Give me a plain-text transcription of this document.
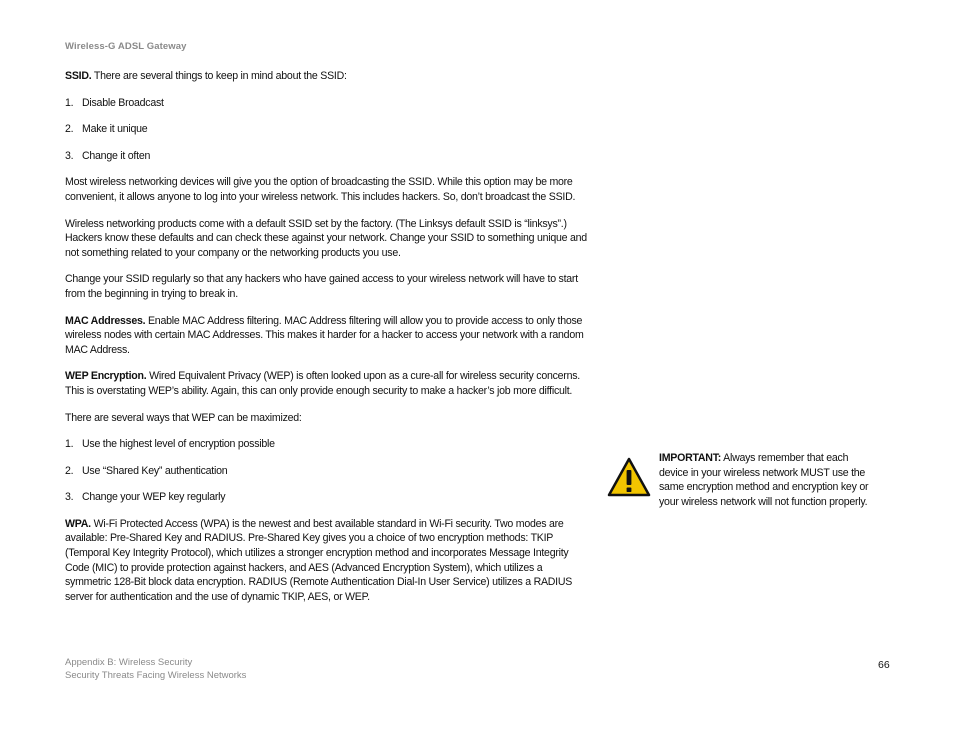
Wireless-G ADSL Gateway

SSID. There are several things to keep in mind about the SSID:

1. Disable Broadcast

2. Make it unique

3. Change it often

Most wireless networking devices will give you the option of broadcasting the SSID. While this option may be more convenient, it allows anyone to log into your wireless network. This includes hackers. So, don’t broadcast the SSID.

Wireless networking products come with a default SSID set by the factory. (The Linksys default SSID is “linksys”.) Hackers know these defaults and can check these against your network. Change your SSID to something unique and not something related to your company or the networking products you use.

Change your SSID regularly so that any hackers who have gained access to your wireless network will have to start from the beginning in trying to break in.

MAC Addresses. Enable MAC Address filtering. MAC Address filtering will allow you to provide access to only those wireless nodes with certain MAC Addresses. This makes it harder for a hacker to access your network with a random MAC Address.

WEP Encryption. Wired Equivalent Privacy (WEP) is often looked upon as a cure-all for wireless security concerns. This is overstating WEP’s ability. Again, this can only provide enough security to make a hacker’s job more difficult.

There are several ways that WEP can be maximized:

1. Use the highest level of encryption possible

2. Use “Shared Key” authentication

3. Change your WEP key regularly

WPA. Wi-Fi Protected Access (WPA) is the newest and best available standard in Wi-Fi security. Two modes are available: Pre-Shared Key and RADIUS. Pre-Shared Key gives you a choice of two encryption methods: TKIP (Temporal Key Integrity Protocol), which utilizes a stronger encryption method and incorporates Message Integrity Code (MIC) to provide protection against hackers, and AES (Advanced Encryption System), which utilizes a symmetric 128-Bit block data encryption. RADIUS (Remote Authentication Dial-In User Service) utilizes a RADIUS server for authentication and the use of dynamic TKIP, AES, or WEP.

IMPORTANT: Always remember that each device in your wireless network MUST use the same encryption method and encryption key or your wireless network will not function properly.
Appendix B: Wireless Security
Security Threats Facing Wireless Networks
66
